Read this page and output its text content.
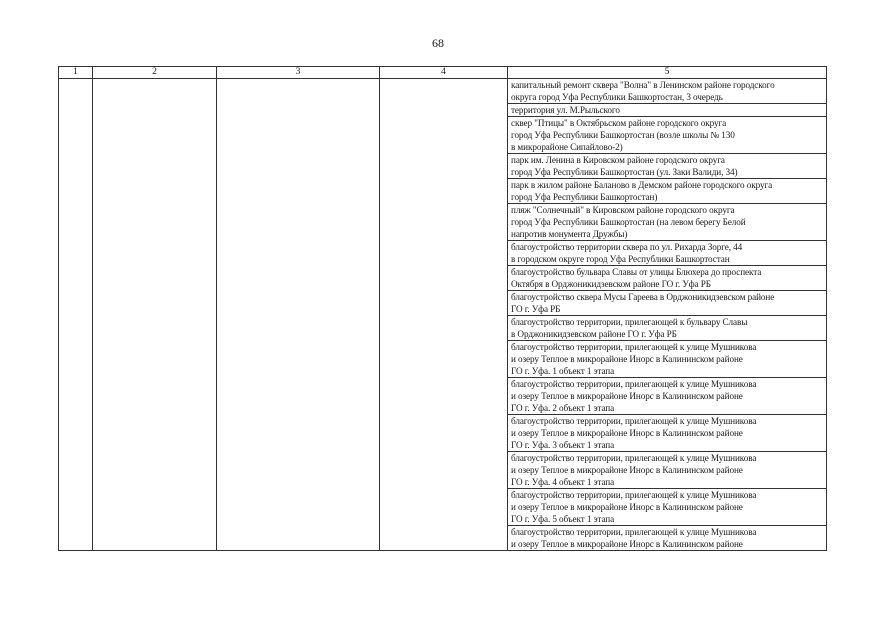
68
1	2	3	4	5
				капитальный ремонт сквера "Волна" в Ленинском районе городского
округа город Уфа Республики Башкортостан, 3 очередь
				территория ул. М.Рыльского
				сквер "Птицы" в Октябрьском районе городского округа
город Уфа Республики Башкортостан (возле школы № 130
в микрорайоне Сипайлово-2)
				парк им. Ленина в Кировском районе городского округа
город Уфа Республики Башкортостан (ул. Заки Валиди, 34)
				парк в жилом районе Баланово в Демском районе городского округа
город Уфа Республики Башкортостан)
				пляж "Солнечный" в Кировском районе городского округа
город Уфа Республики Башкортостан (на левом берегу Белой
напротив монумента Дружбы)
				благоустройство территории сквера по ул. Рихарда Зорге, 44
в городском округе город Уфа Республики Башкортостан
				благоустройство бульвара Славы от улицы Блюхера до проспекта
Октября в Орджоникидзевском районе ГО г. Уфа РБ
				благоустройство сквера Мусы Гареева в Орджоникидзевском районе
ГО г. Уфа РБ
				благоустройство территории, прилегающей к бульвару Славы
в Орджоникидзевском районе ГО г. Уфа РБ
				благоустройство территории, прилегающей к улице Мушникова
и озеру Теплое в микрорайоне Инорс в Калининском районе
ГО г. Уфа. 1 объект 1 этапа
				благоустройство территории, прилегающей к улице Мушникова
и озеру Теплое в микрорайоне Инорс в Калининском районе
ГО г. Уфа. 2 объект 1 этапа
				благоустройство территории, прилегающей к улице Мушникова
и озеру Теплое в микрорайоне Инорс в Калининском районе
ГО г. Уфа. 3 объект 1 этапа
				благоустройство территории, прилегающей к улице Мушникова
и озеру Теплое в микрорайоне Инорс в Калининском районе
ГО г. Уфа. 4 объект 1 этапа
				благоустройство территории, прилегающей к улице Мушникова
и озеру Теплое в микрорайоне Инорс в Калининском районе
ГО г. Уфа. 5 объект 1 этапа
				благоустройство территории, прилегающей к улице Мушникова
и озеру Теплое в микрорайоне Инорс в Калининском районе
